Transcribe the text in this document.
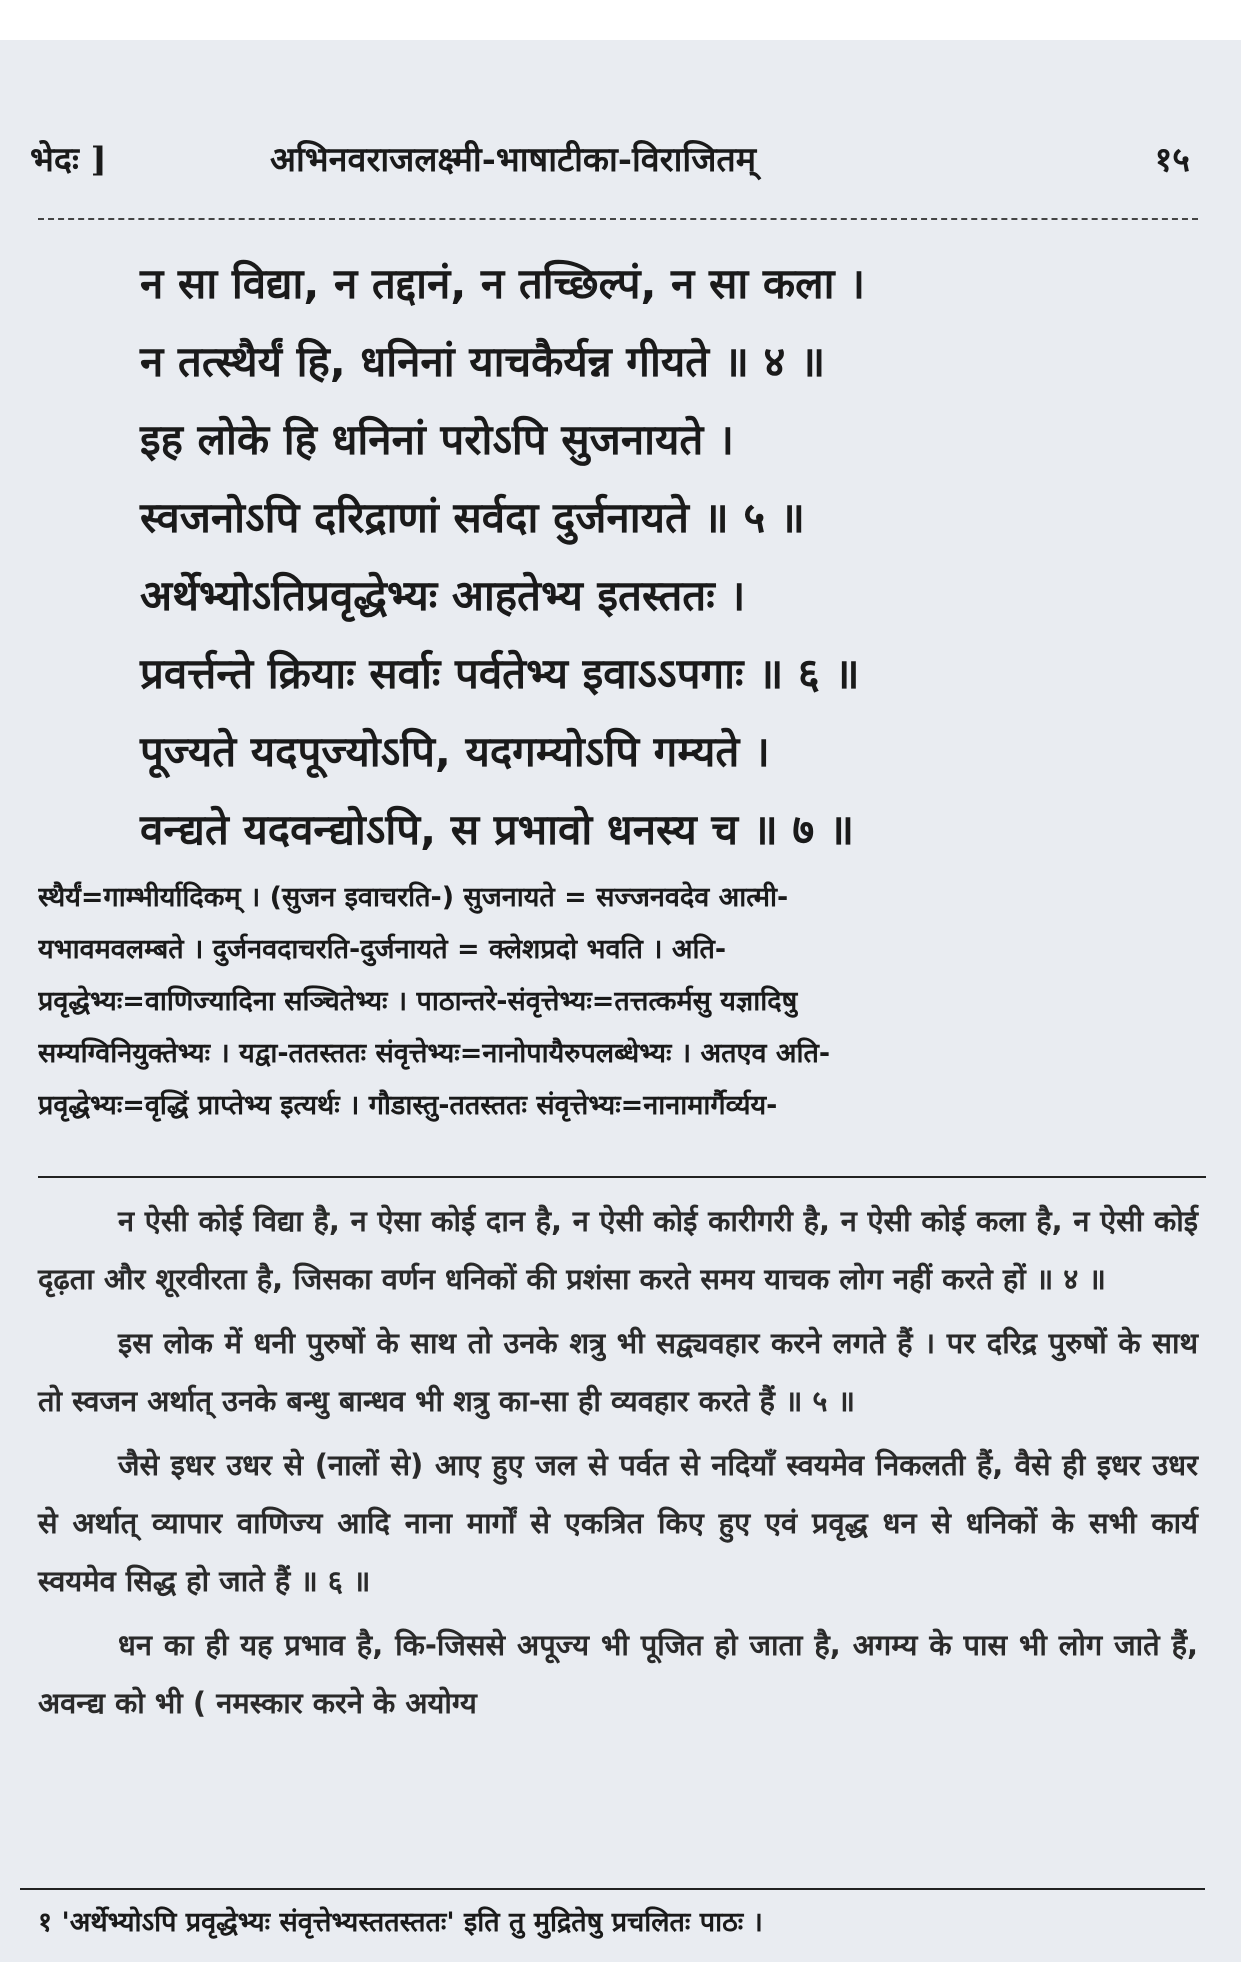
भेदः ]	अभिनवराजलक्ष्मी-भाषाटीका-विराजितम्	१५
न सा विद्या, न तद्दानं, न तच्छिल्पं, न सा कला ।
न तत्स्थैर्यं हि, धनिनां याचकैर्यन्न गीयते ॥ ४ ॥
इह लोके हि धनिनां परोऽपि सुजनायते ।
स्वजनोऽपि दरिद्राणां सर्वदा दुर्जनायते ॥ ५ ॥
अर्थेभ्योऽतिप्रवृद्धेभ्यः आहतेभ्य इतस्ततः ।
प्रवर्त्तन्ते क्रियाः सर्वाः पर्वतेभ्य इवाऽऽपगाः ॥ ६ ॥
पूज्यते यदपूज्योऽपि, यदगम्योऽपि गम्यते ।
वन्द्यते यदवन्द्योऽपि, स प्रभावो धनस्य च ॥ ७ ॥
स्थैर्यं=गाम्भीर्यादिकम् । (सुजन इवाचरति-) सुजनायते = सज्जनवदेव आत्मी-
यभावमवलम्बते । दुर्जनवदाचरति-दुर्जनायते = क्लेशप्रदो भवति । अति-
प्रवृद्धेभ्यः=वाणिज्यादिना सञ्चितेभ्यः । पाठान्तरे-संवृत्तेभ्यः=तत्तत्कर्मसु यज्ञादिषु
सम्यग्विनियुक्तेभ्यः । यद्वा-ततस्ततः संवृत्तेभ्यः=नानोपायैरुपलब्धेभ्यः । अतएव अति-
प्रवृद्धेभ्यः=वृद्धिं प्राप्तेभ्य इत्यर्थः । गौडास्तु-ततस्ततः संवृत्तेभ्यः=नानामार्गैर्व्यय-

न ऐसी कोई विद्या है, न ऐसा कोई दान है, न ऐसी कोई कारीगरी है, न ऐसी कोई कला है, न ऐसी कोई दृढ़ता और शूरवीरता है, जिसका वर्णन धनिकों की प्रशंसा करते समय याचक लोग नहीं करते हों ॥ ४ ॥

इस लोक में धनी पुरुषों के साथ तो उनके शत्रु भी सद्व्यवहार करने लगते हैं । पर दरिद्र पुरुषों के साथ तो स्वजन अर्थात् उनके बन्धु बान्धव भी शत्रु का-सा ही व्यवहार करते हैं ॥ ५ ॥

जैसे इधर उधर से (नालों से) आए हुए जल से पर्वत से नदियाँ स्वयमेव निकलती हैं, वैसे ही इधर उधर से अर्थात् व्यापार वाणिज्य आदि नाना मार्गों से एकत्रित किए हुए एवं प्रवृद्ध धन से धनिकों के सभी कार्य स्वयमेव सिद्ध हो जाते हैं ॥ ६ ॥

धन का ही यह प्रभाव है, कि-जिससे अपूज्य भी पूजित हो जाता है, अगम्य के पास भी लोग जाते हैं, अवन्द्य को भी ( नमस्कार करने के अयोग्य

१ 'अर्थेभ्योऽपि प्रवृद्धेभ्यः संवृत्तेभ्यस्ततस्ततः' इति तु मुद्रितेषु प्रचलितः पाठः ।
